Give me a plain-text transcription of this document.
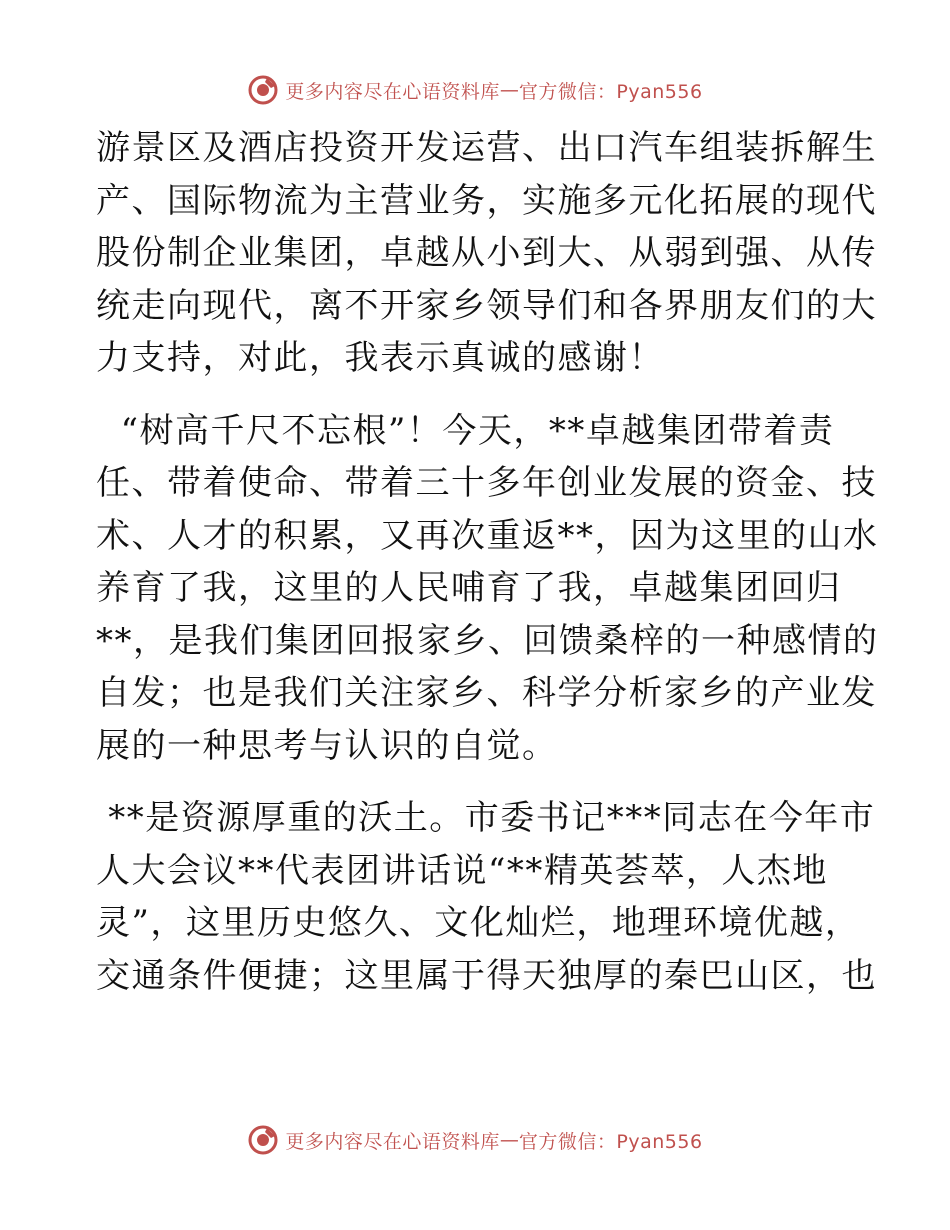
更多内容尽在心语资料库 — 官方微信：Pyan556
游景区及酒店投资开发运营、出口汽车组装拆解生
产、国际物流为主营业务，实施多元化拓展的现代
股份制企业集团，卓越从小到大、从弱到强、从传
统走向现代，离不开家乡领导们和各界朋友们的大
力支持，对此，我表示真诚的感谢！
“树高千尺不忘根”！今天，**卓越集团带着责
任、带着使命、带着三十多年创业发展的资金、技
术、人才的积累，又再次重返**，因为这里的山水
养育了我，这里的人民哺育了我，卓越集团回归
**，是我们集团回报家乡、回馈桑梓的一种感情的
自发；也是我们关注家乡、科学分析家乡的产业发
展的一种思考与认识的自觉。
**是资源厚重的沃土。市委书记***同志在今年市
人大会议**代表团讲话说“**精英荟萃，人杰地
灵”，这里历史悠久、文化灿烂，地理环境优越，
交通条件便捷；这里属于得天独厚的秦巴山区，也
更多内容尽在心语资料库 — 官方微信：Pyan556
